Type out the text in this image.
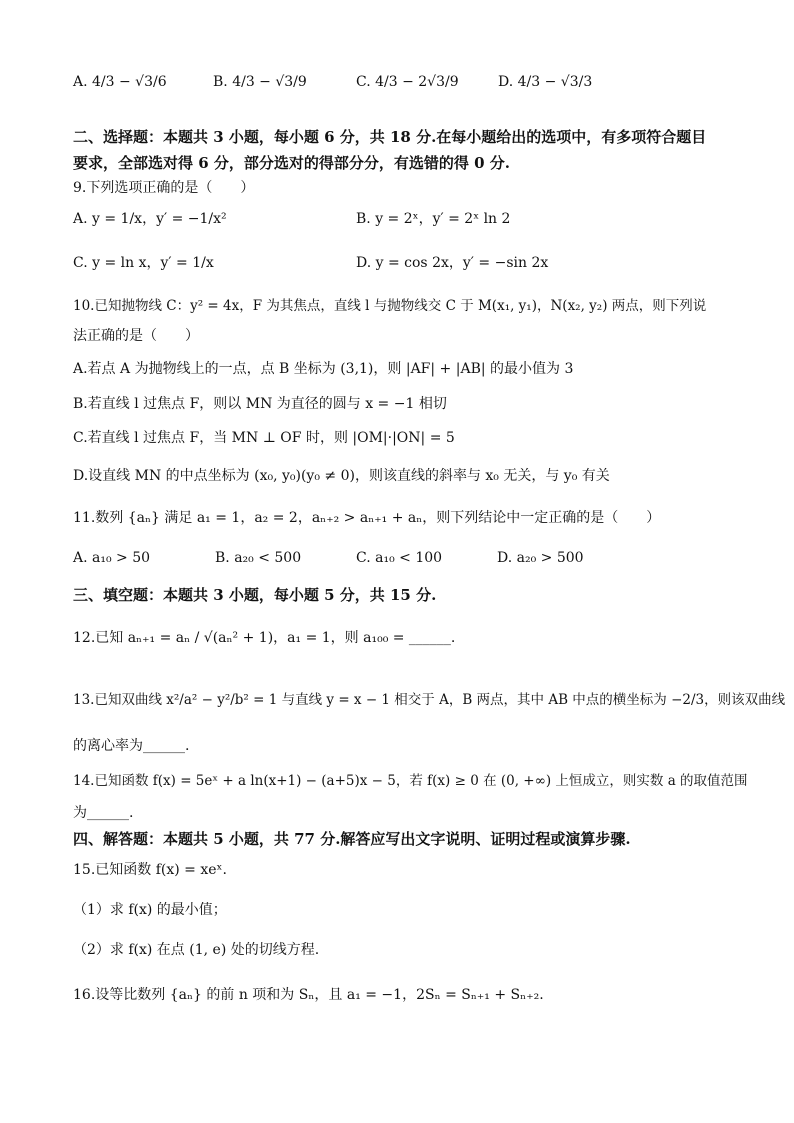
A. 4/3 − √3/6	B. 4/3 − √3/9	C. 4/3 − 2√3/9	D. 4/3 − √3/3
二、选择题：本题共 3 小题，每小题 6 分，共 18 分.在每小题给出的选项中，有多项符合题目
要求，全部选对得 6 分，部分选对的得部分分，有选错的得 0 分.
9.下列选项正确的是（　　）
A. y = 1/x，y′ = −1/x²	B. y = 2ˣ，y′ = 2ˣ ln 2
C. y = ln x，y′ = 1/x	D. y = cos 2x，y′ = −sin 2x
10.已知抛物线 C：y² = 4x，F 为其焦点，直线 l 与抛物线交 C 于 M(x₁, y₁)，N(x₂, y₂) 两点，则下列说
法正确的是（　　）
A.若点 A 为抛物线上的一点，点 B 坐标为 (3,1)，则 |AF| + |AB| 的最小值为 3
B.若直线 l 过焦点 F，则以 MN 为直径的圆与 x = −1 相切
C.若直线 l 过焦点 F，当 MN ⊥ OF 时，则 |OM|·|ON| = 5
D.设直线 MN 的中点坐标为 (x₀, y₀)(y₀ ≠ 0)，则该直线的斜率与 x₀ 无关，与 y₀ 有关
11.数列 {aₙ} 满足 a₁ = 1，a₂ = 2，aₙ₊₂ > aₙ₊₁ + aₙ，则下列结论中一定正确的是（　　）
A. a₁₀ > 50	B. a₂₀ < 500	C. a₁₀ < 100	D. a₂₀ > 500
三、填空题：本题共 3 小题，每小题 5 分，共 15 分.
12.已知 aₙ₊₁ = aₙ / √(aₙ² + 1)，a₁ = 1，则 a₁₀₀ = ______.
13.已知双曲线 x²/a² − y²/b² = 1 与直线 y = x − 1 相交于 A，B 两点，其中 AB 中点的横坐标为 −2/3，则该双曲线
的离心率为______.
14.已知函数 f(x) = 5eˣ + a ln(x+1) − (a+5)x − 5，若 f(x) ≥ 0 在 (0, +∞) 上恒成立，则实数 a 的取值范围
为______.
四、解答题：本题共 5 小题，共 77 分.解答应写出文字说明、证明过程或演算步骤.
15.已知函数 f(x) = xeˣ.
（1）求 f(x) 的最小值；
（2）求 f(x) 在点 (1, e) 处的切线方程.
16.设等比数列 {aₙ} 的前 n 项和为 Sₙ，且 a₁ = −1，2Sₙ = Sₙ₊₁ + Sₙ₊₂.
